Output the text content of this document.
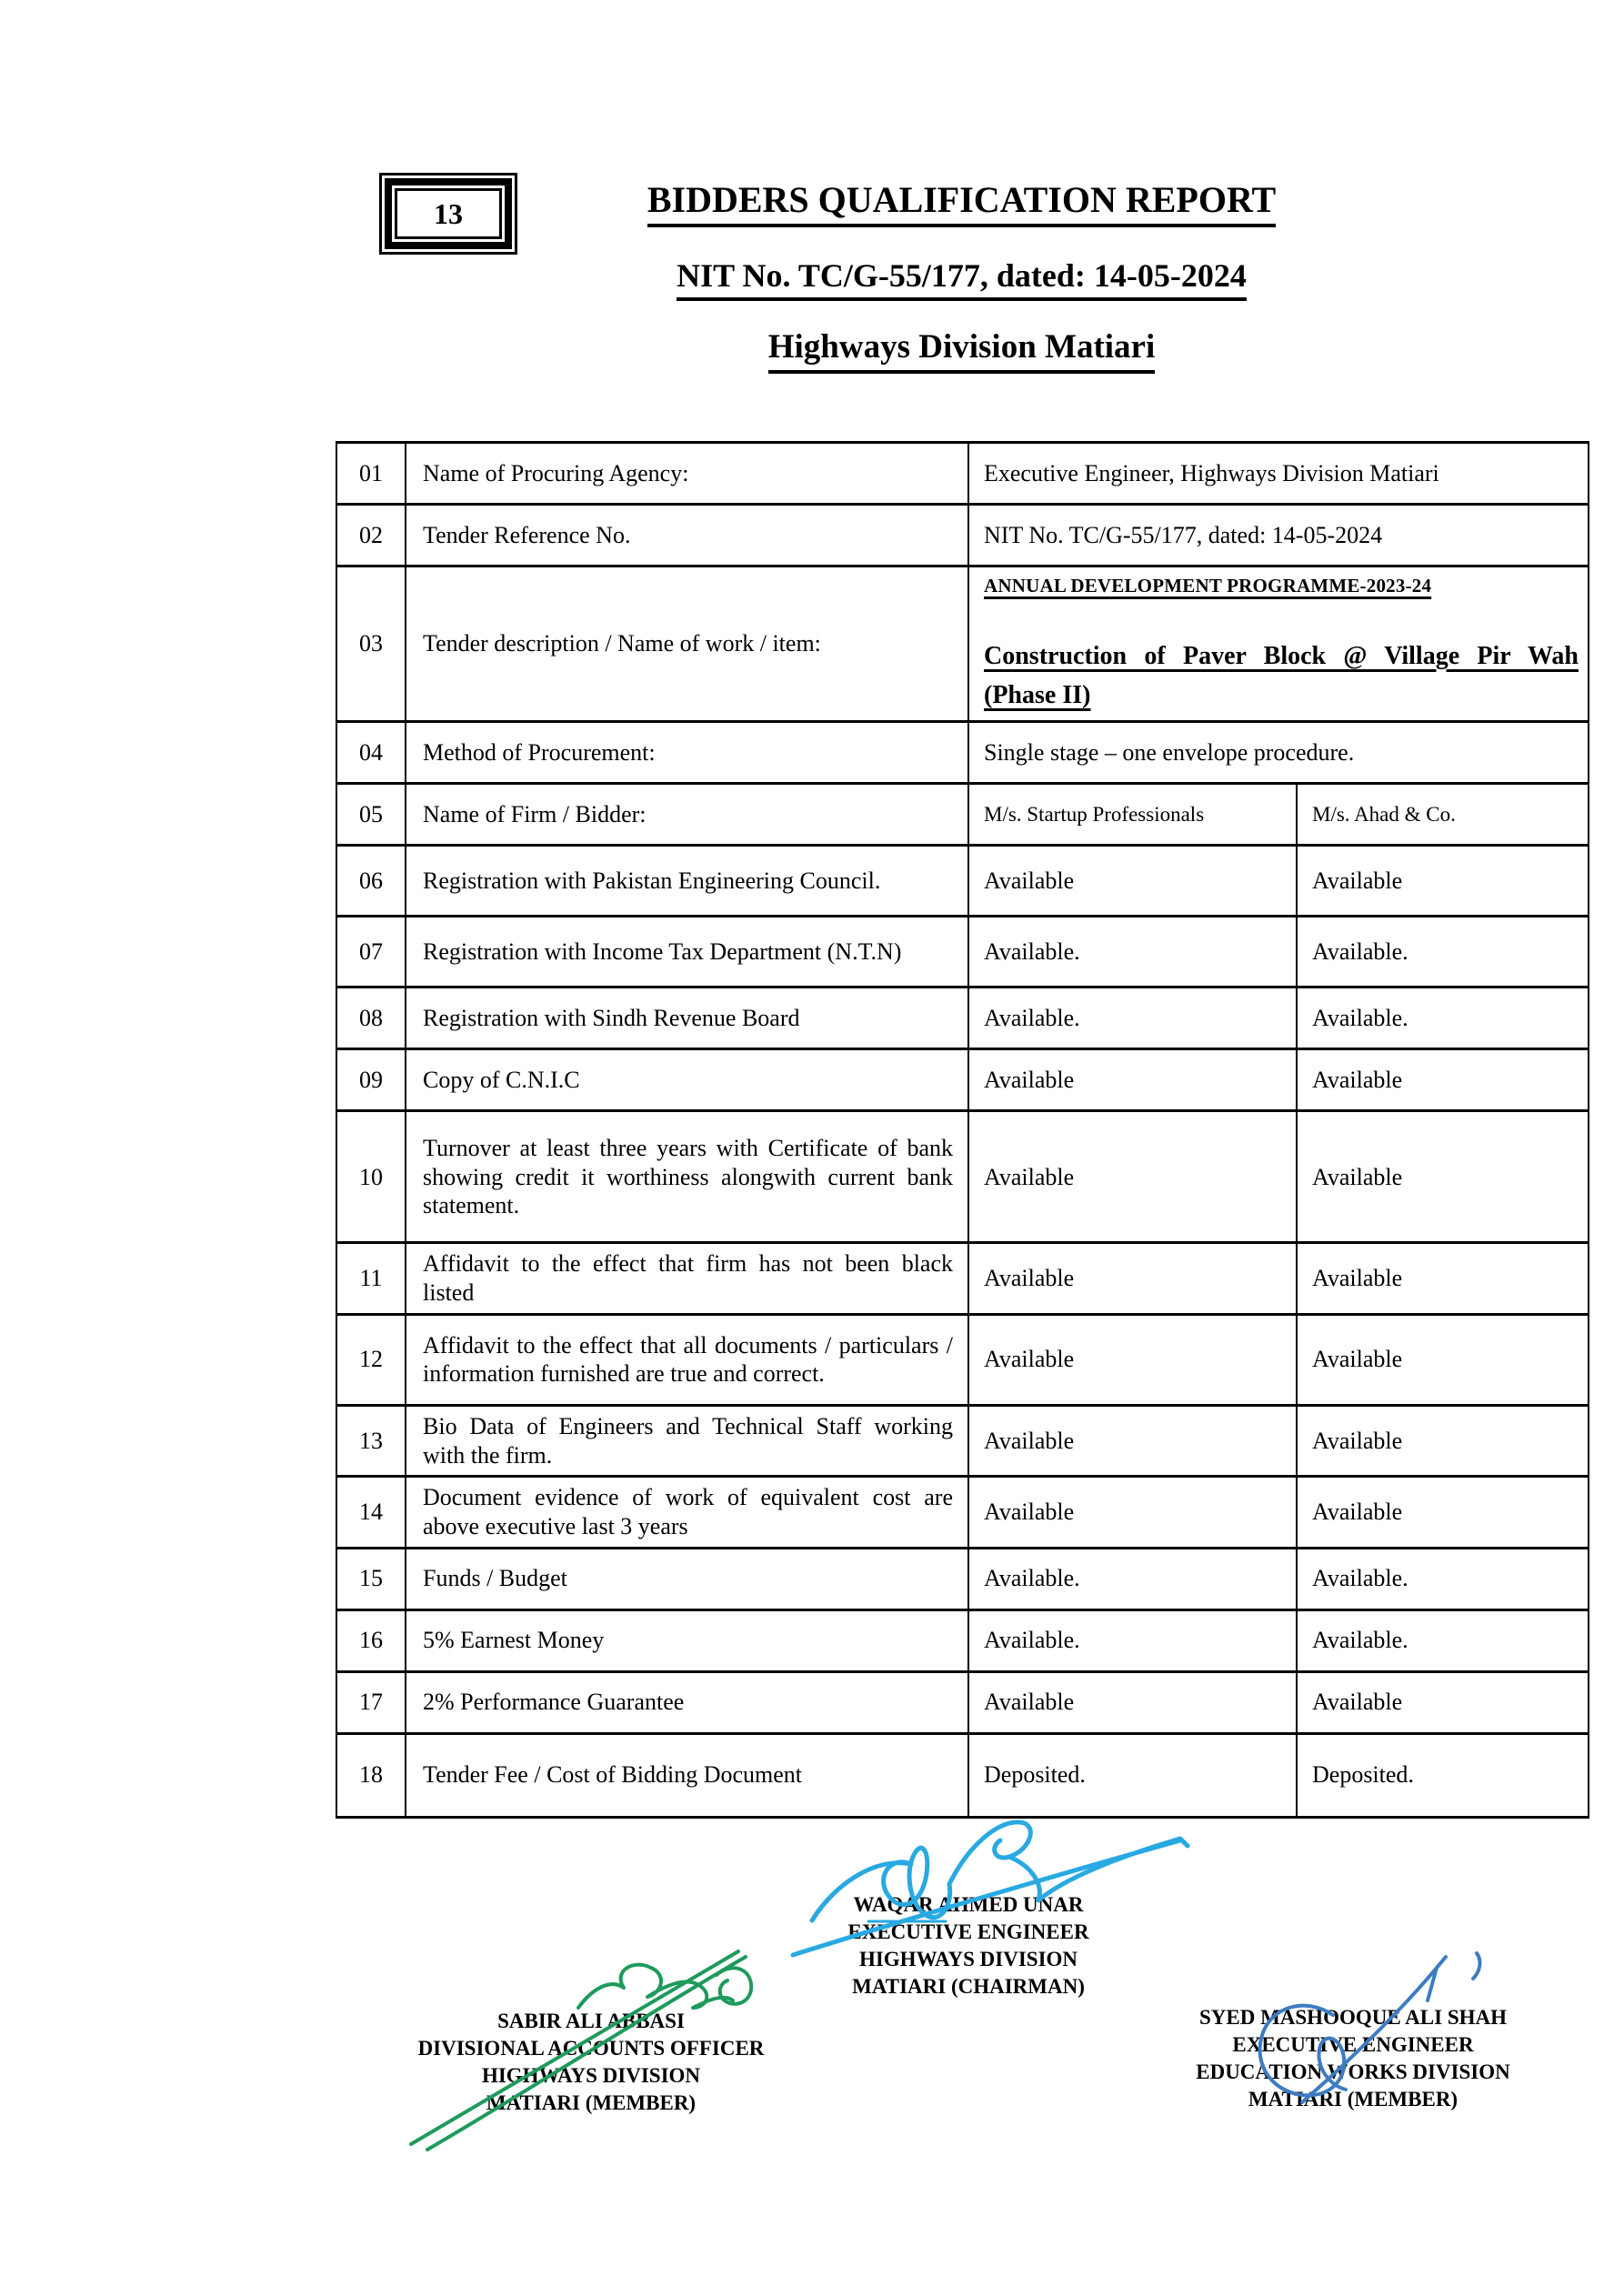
13	BIDDERS QUALIFICATION REPORT
NIT No. TC/G-55/177, dated: 14-05-2024
Highways Division Matiari
01	Name of Procuring Agency:	Executive Engineer, Highways Division Matiari	
02	Tender Reference No.	NIT No. TC/G-55/177, dated: 14-05-2024	
03	Tender description / Name of work / item:	ANNUAL DEVELOPMENT PROGRAMME-2023-24
Construction of Paver Block @ Village Pir Wah (Phase II)	

04	Method of Procurement:	Single stage – one envelope procedure.	
05	Name of Firm / Bidder:	M/s. Startup Professionals	M/s. Ahad & Co.
06	Registration with Pakistan Engineering Council.	Available	Available
07	Registration with Income Tax Department (N.T.N)	Available.	Available.
08	Registration with Sindh Revenue Board	Available.	Available.
09	Copy of C.N.I.C	Available	Available
10	Turnover at least three years with Certificate of bank showing credit it worthiness alongwith current bank statement.	Available	Available
11	Affidavit to the effect that firm has not been black listed	Available	Available
12	Affidavit to the effect that all documents / particulars / information furnished are true and correct.	Available	Available
13	Bio Data of Engineers and Technical Staff working with the firm.	Available	Available
14	Document evidence of work of equivalent cost are above executive last 3 years	Available	Available
15	Funds / Budget	Available.	Available.
16	5% Earnest Money	Available.	Available.
17	2% Performance Guarantee	Available	Available
18	Tender Fee / Cost of Bidding Document	Deposited.	Deposited.
WAQAR AHMED UNAR
EXECUTIVE ENGINEER
HIGHWAYS DIVISION
MATIARI (CHAIRMAN)
SABIR ALI ABBASI
DIVISIONAL ACCOUNTS OFFICER
HIGHWAYS DIVISION
MATIARI (MEMBER)
SYED MASHOOQUE ALI SHAH
EXECUTIVE ENGINEER
EDUCATION WORKS DIVISION
MATIARI (MEMBER)
